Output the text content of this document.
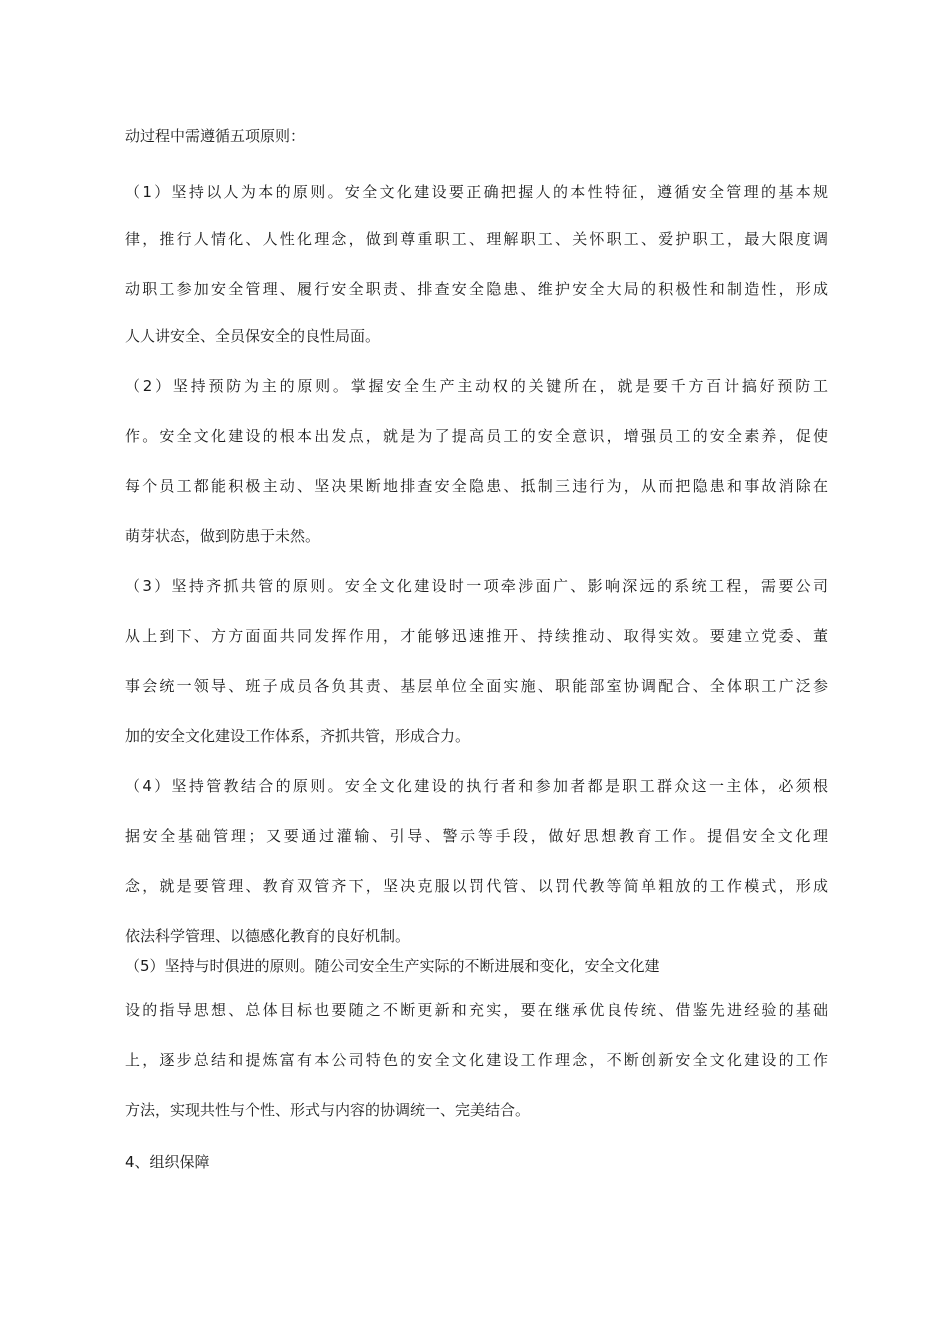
动过程中需遵循五项原则：
（1）坚持以人为本的原则。安全文化建设要正确把握人的本性特征，遵循安全管理的基本规
律，推行人情化、人性化理念，做到尊重职工、理解职工、关怀职工、爱护职工，最大限度调
动职工参加安全管理、履行安全职责、排查安全隐患、维护安全大局的积极性和制造性，形成
人人讲安全、全员保安全的良性局面。
（2）坚持预防为主的原则。掌握安全生产主动权的关键所在，就是要千方百计搞好预防工
作。安全文化建设的根本出发点，就是为了提高员工的安全意识，增强员工的安全素养，促使
每个员工都能积极主动、坚决果断地排查安全隐患、抵制三违行为，从而把隐患和事故消除在
萌芽状态，做到防患于未然。
（3）坚持齐抓共管的原则。安全文化建设时一项牵涉面广、影响深远的系统工程，需要公司
从上到下、方方面面共同发挥作用，才能够迅速推开、持续推动、取得实效。要建立党委、董
事会统一领导、班子成员各负其责、基层单位全面实施、职能部室协调配合、全体职工广泛参
加的安全文化建设工作体系，齐抓共管，形成合力。
（4）坚持管教结合的原则。安全文化建设的执行者和参加者都是职工群众这一主体，必须根
据安全基础管理；又要通过灌输、引导、警示等手段，做好思想教育工作。提倡安全文化理
念，就是要管理、教育双管齐下，坚决克服以罚代管、以罚代教等简单粗放的工作模式，形成
依法科学管理、以德感化教育的良好机制。
（5）坚持与时俱进的原则。随公司安全生产实际的不断进展和变化，安全文化建
设的指导思想、总体目标也要随之不断更新和充实，要在继承优良传统、借鉴先进经验的基础
上，逐步总结和提炼富有本公司特色的安全文化建设工作理念，不断创新安全文化建设的工作
方法，实现共性与个性、形式与内容的协调统一、完美结合。
4、组织保障
